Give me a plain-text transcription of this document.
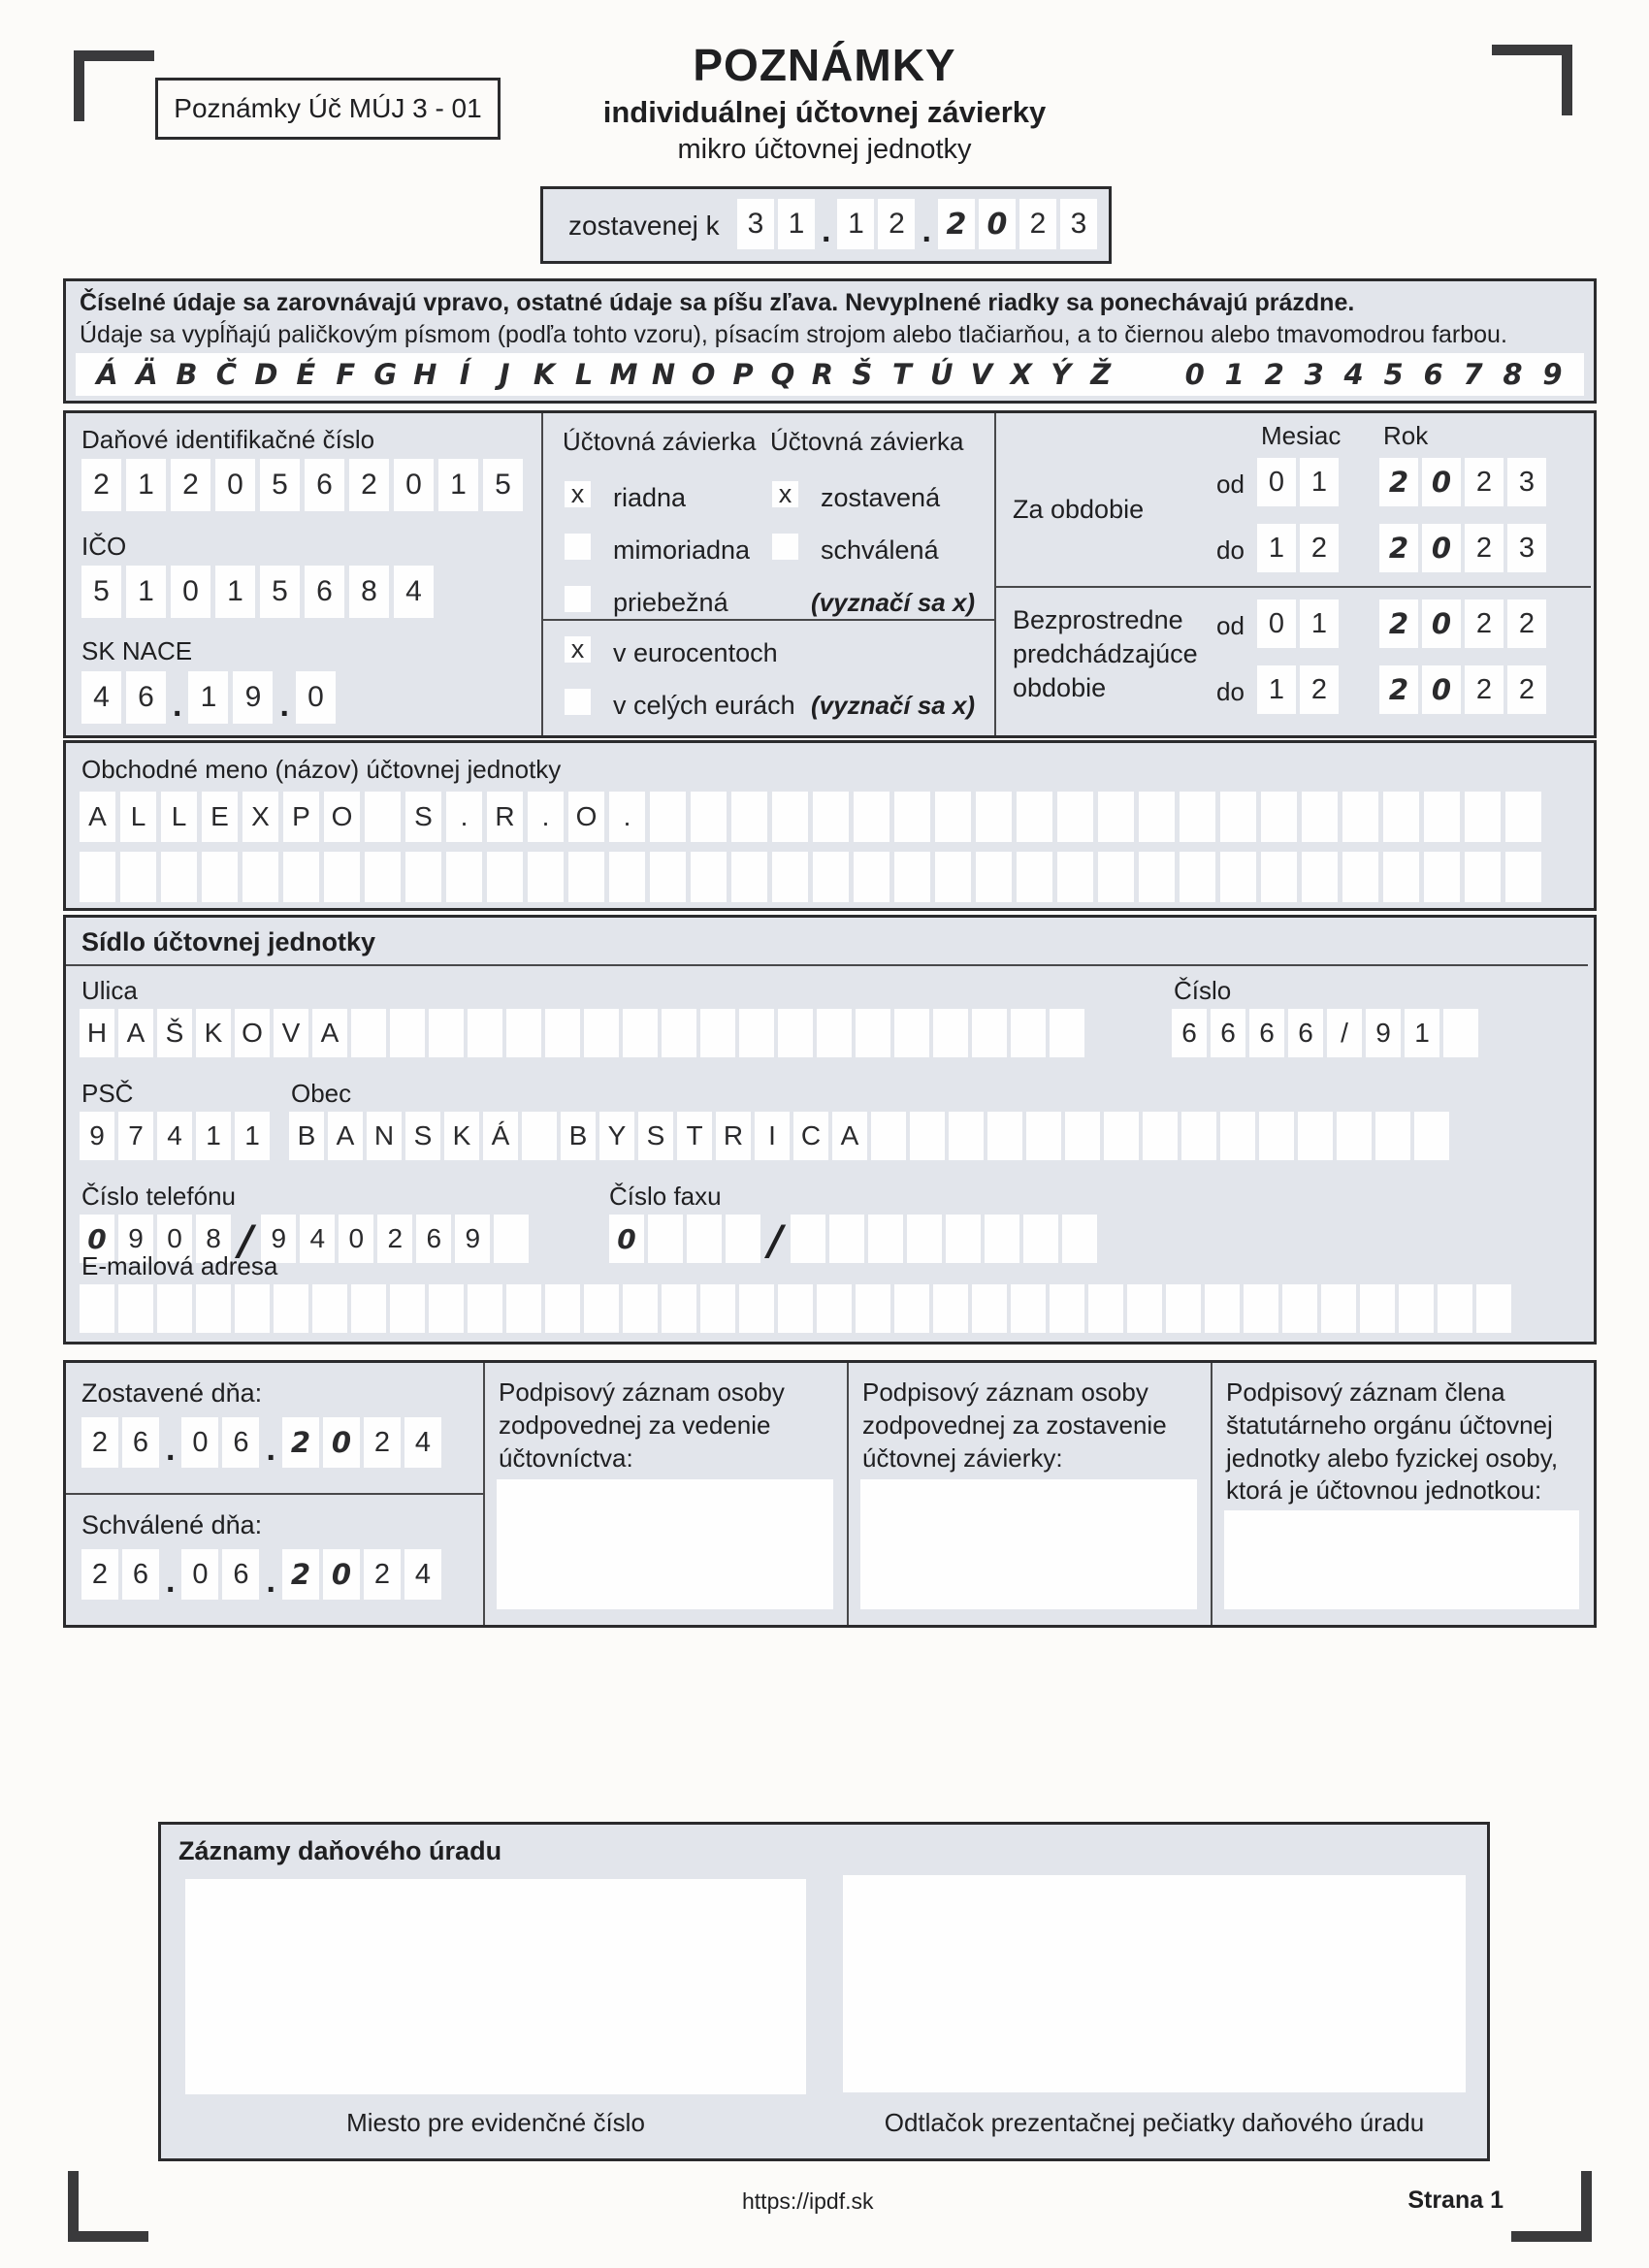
Poznámky Úč MÚJ 3 - 01
POZNÁMKY
individuálnej účtovnej závierky
mikro účtovnej jednotky
zostavenej k 3 1 . 1 2 . 2 0 2 3
Číselné údaje sa zarovnávajú vpravo, ostatné údaje sa píšu zľava. Nevyplnené riadky sa ponechávajú prázdne.
Údaje sa vypĺňajú paličkovým písmom (podľa tohto vzoru), písacím strojom alebo tlačiarňou, a to čiernou alebo tmavomodrou farbou.
Á Ä B Č D É F G H Í	J K L M N O P Q R Š T Ú V X Ý Ž	0 1 2 3 4 5 6 7 8 9
Daňové identifikačné číslo
2 1 2 0 5 6 2 0 1 5
IČO
5 1 0 1 5 6 8 4
SK NACE
4 6 . 1 9 . 0
Účtovná závierka
x riadna
mimoriadna
priebežná
Účtovná závierka
x zostavená
schválená
(vyznačí sa x)
x v eurocentoch
v celých eurách (vyznačí sa x)
Mesiac Rok
Za obdobie
od 0 1	2 0 2 3
do 1 2	2 0 2 3
Bezprostredne predchádzajúce obdobie
od 0 1	2 0 2 2
do 1 2	2 0 2 2
Obchodné meno (názov) účtovnej jednotky
A L L E X P O	S	. R	. O .
Sídlo účtovnej jednotky
Ulica	Číslo
H A Š K O V A	6 6 6 6	/	9 1
PSČ	Obec
9 7 4 1 1	B A N S K Á	B Y S T R I C A
Číslo telefónu	Číslo faxu
0 9 0 8 / 9 4 0 2 6 9	0	/
E-mailová adresa
Zostavené dňa:
2 6 . 0 6 . 2 0 2 4
Schválené dňa:
2 6 . 0 6 . 2 0 2 4
Podpisový záznam osoby zodpovednej za vedenie účtovníctva:
Podpisový záznam osoby zodpovednej za zostavenie účtovnej závierky:
Podpisový záznam člena štatutárneho orgánu účtovnej jednotky alebo fyzickej osoby, ktorá je účtovnou jednotkou:
Záznamy daňového úradu
Miesto pre evidenčné číslo	Odtlačok prezentačnej pečiatky daňového úradu
https://ipdf.sk	Strana 1
